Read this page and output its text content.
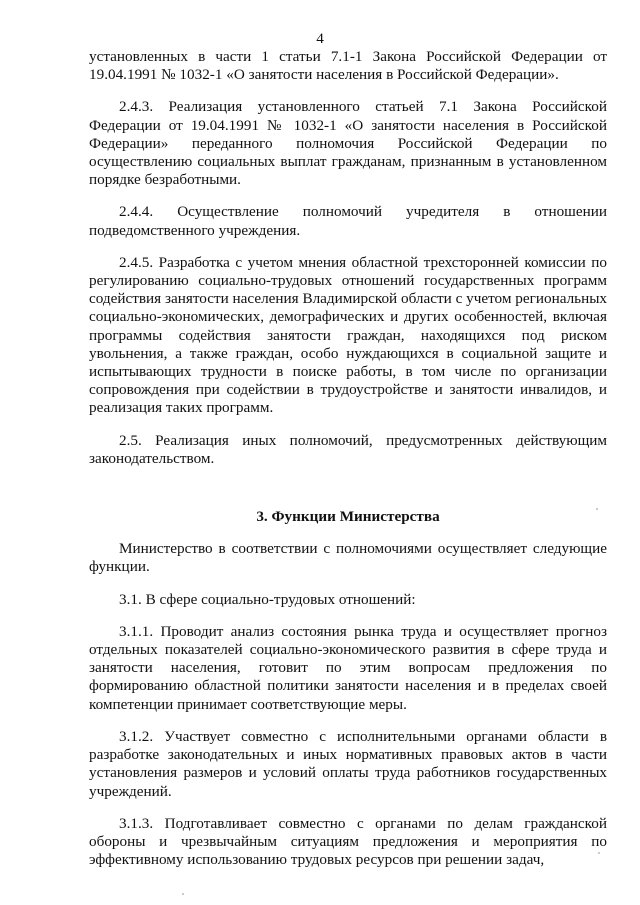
4

установленных в части 1 статьи 7.1-1 Закона Российской Федерации от 19.04.1991 № 1032-1 «О занятости населения в Российской Федерации».

2.4.3. Реализация установленного статьей 7.1 Закона Российской Федерации от 19.04.1991 № 1032-1 «О занятости населения в Российской Федерации» переданного полномочия Российской Федерации по осуществлению социальных выплат гражданам, признанным в установленном порядке безработными.

2.4.4. Осуществление полномочий учредителя в отношении подведомственного учреждения.

2.4.5. Разработка с учетом мнения областной трехсторонней комиссии по регулированию социально-трудовых отношений государственных программ содействия занятости населения Владимирской области с учетом региональных социально-экономических, демографических и других особенностей, включая программы содействия занятости граждан, находящихся под риском увольнения, а также граждан, особо нуждающихся в социальной защите и испытывающих трудности в поиске работы, в том числе по организации сопровождения при содействии в трудоустройстве и занятости инвалидов, и реализация таких программ.

2.5. Реализация иных полномочий, предусмотренных действующим законодательством.

3. Функции Министерства

Министерство в соответствии с полномочиями осуществляет следующие функции.

3.1. В сфере социально-трудовых отношений:

3.1.1. Проводит анализ состояния рынка труда и осуществляет прогноз отдельных показателей социально-экономического развития в сфере труда и занятости населения, готовит по этим вопросам предложения по формированию областной политики занятости населения и в пределах своей компетенции принимает соответствующие меры.

3.1.2. Участвует совместно с исполнительными органами области в разработке законодательных и иных нормативных правовых актов в части установления размеров и условий оплаты труда работников государственных учреждений.

3.1.3. Подготавливает совместно с органами по делам гражданской обороны и чрезвычайным ситуациям предложения и мероприятия по эффективному использованию трудовых ресурсов при решении задач,
